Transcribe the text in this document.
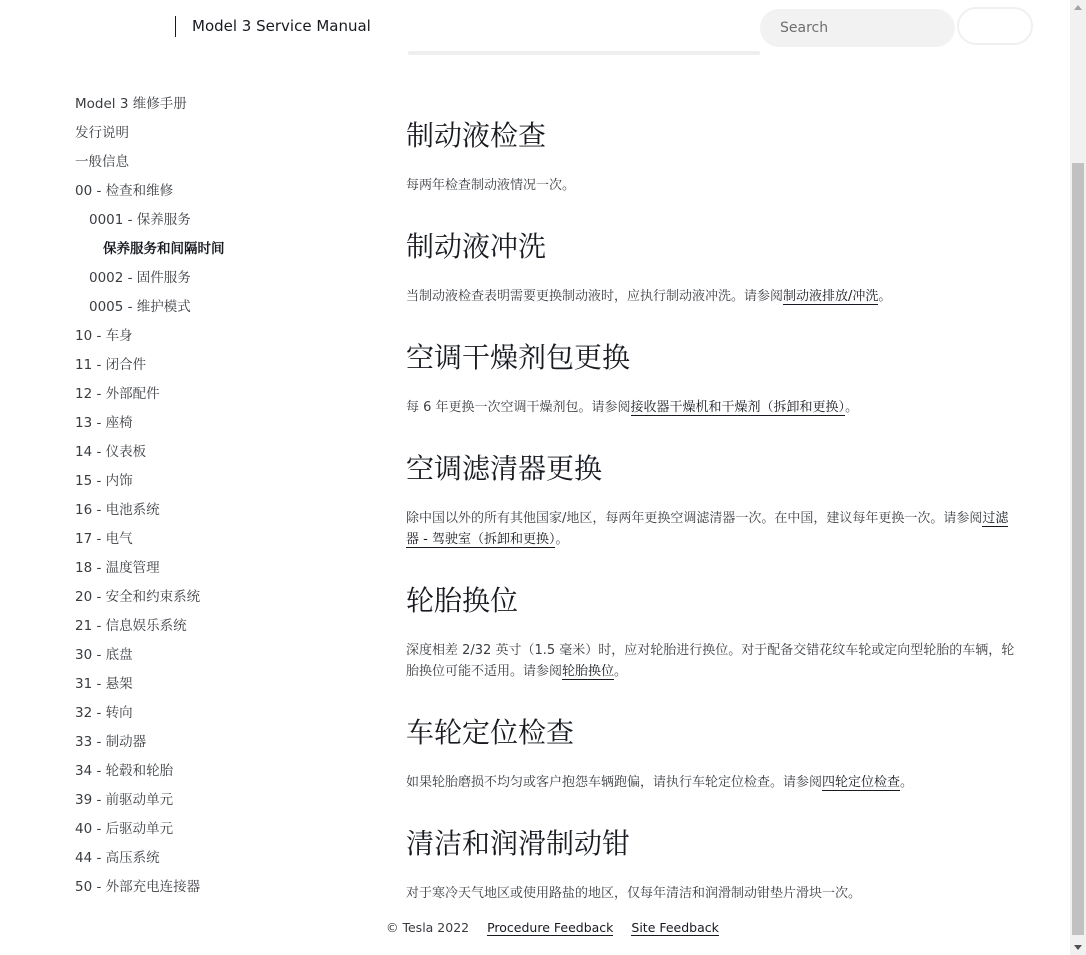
Model 3 Service Manual
Search
Model 3 维修手册
发行说明
一般信息
00 - 检查和维修
0001 - 保养服务
保养服务和间隔时间
0002 - 固件服务
0005 - 维护模式
10 - 车身
11 - 闭合件
12 - 外部配件
13 - 座椅
14 - 仪表板
15 - 内饰
16 - 电池系统
17 - 电气
18 - 温度管理
20 - 安全和约束系统
21 - 信息娱乐系统
30 - 底盘
31 - 悬架
32 - 转向
33 - 制动器
34 - 轮毂和轮胎
39 - 前驱动单元
40 - 后驱动单元
44 - 高压系统
50 - 外部充电连接器
制动液检查

每两年检查制动液情况一次。

制动液冲洗

当制动液检查表明需要更换制动液时，应执行制动液冲洗。请参阅制动液排放/冲洗。

空调干燥剂包更换

每 6 年更换一次空调干燥剂包。请参阅接收器干燥机和干燥剂（拆卸和更换）。

空调滤清器更换

除中国以外的所有其他国家/地区，每两年更换空调滤清器一次。在中国，建议每年更换一次。请参阅过滤器 - 驾驶室（拆卸和更换）。

轮胎换位

深度相差 2/32 英寸（1.5 毫米）时，应对轮胎进行换位。对于配备交错花纹车轮或定向型轮胎的车辆，轮胎换位可能不适用。请参阅轮胎换位。

车轮定位检查

如果轮胎磨损不均匀或客户抱怨车辆跑偏，请执行车轮定位检查。请参阅四轮定位检查。

清洁和润滑制动钳

对于寒冷天气地区或使用路盐的地区，仅每年清洁和润滑制动钳垫片滑块一次。

© Tesla 2022 Procedure Feedback Site Feedback
